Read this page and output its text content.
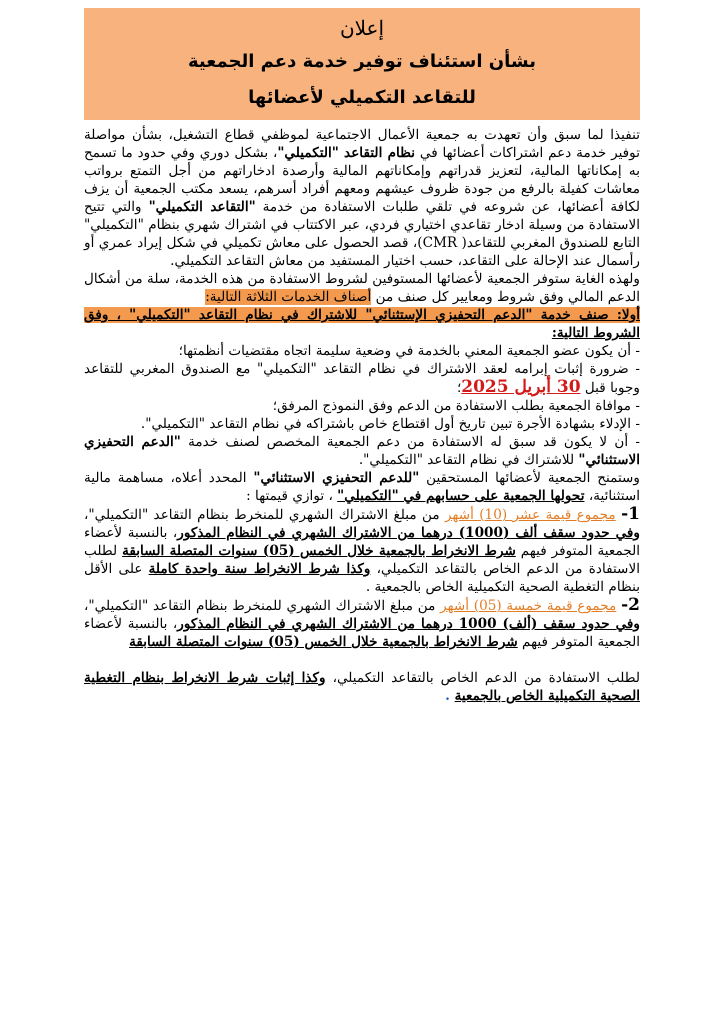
إعلان
بشأن استئناف توفير خدمة دعم الجمعية
للتقاعد التكميلي لأعضائها

تنفيذا لما سبق وأن تعهدت به جمعية الأعمال الاجتماعية لموظفي قطاع التشغيل، بشأن مواصلة توفير خدمة دعم اشتراكات أعضائها في نظام التقاعد "التكميلي"، بشكل دوري وفي حدود ما تسمح به إمكاناتها المالية، لتعزيز قدراتهم وإمكاناتهم المالية وأرصدة ادخاراتهم من أجل التمتع برواتب معاشات كفيلة بالرفع من جودة ظروف عيشهم ومعهم أفراد أسرهم، يسعد مكتب الجمعية أن يزف لكافة أعضائها، عن شروعه في تلقي طلبات الاستفادة من خدمة "التقاعد التكميلي" والتي تتيح الاستفادة من وسيلة ادخار تقاعدي اختياري فردي، عبر الاكتتاب في اشتراك شهري بنظام "التكميلي" التابع للصندوق المغربي للتقاعد( CMR)، قصد الحصول على معاش تكميلي في شكل إيراد عمري أو رأسمال عند الإحالة على التقاعد، حسب اختيار المستفيد من معاش التقاعد التكميلي.

ولهذه الغاية ستوفر الجمعية لأعضائها المستوفين لشروط الاستفادة من هذه الخدمة، سلة من أشكال الدعم المالي وفق شروط ومعايير كل صنف من أصناف الخدمات الثلاثة التالية:

أولا: صنف خدمة "الدعم التحفيزي الإستثنائي" للاشتراك في نظام التقاعد "التكميلي" ، وفق الشروط التالية:

- أن يكون عضو الجمعية المعني بالخدمة في وضعية سليمة اتجاه مقتضيات أنظمتها؛

- ضرورة إثبات إبرامه لعقد الاشتراك في نظام التقاعد "التكميلي" مع الصندوق المغربي للتقاعد وجوبا قبل 30 أبريل 2025؛

- موافاة الجمعية بطلب الاستفادة من الدعم وفق النموذج المرفق؛

- الإدلاء بشهادة الأجرة تبين تاريخ أول اقتطاع خاص باشتراكه في نظام التقاعد "التكميلي".

- أن لا يكون قد سبق له الاستفادة من دعم الجمعية المخصص لصنف خدمة "الدعم التحفيزي الاستثنائي" للاشتراك في نظام التقاعد "التكميلي".

وستمنح الجمعية لأعضائها المستحقين "للدعم التحفيزي الاستثنائي" المحدد أعلاه، مساهمة مالية استثنائية، تحولها الجمعية على حسابهم في "التكميلي" ، توازي قيمتها :

1- مجموع قيمة عشر (10) أشهر من مبلغ الاشتراك الشهري للمنخرط بنظام التقاعد "التكميلي"، وفي حدود سقف ألف (1000) درهما من الاشتراك الشهري في النظام المذكور، بالنسبة لأعضاء الجمعية المتوفر فيهم شرط الانخراط بالجمعية خلال الخمس (05) سنوات المتصلة السابقة لطلب الاستفادة من الدعم الخاص بالتقاعد التكميلي، وكذا شرط الانخراط سنة واحدة كاملة على الأقل بنظام التغطية الصحية التكميلية الخاص بالجمعية .

2- مجموع قيمة خمسة (05) أشهر من مبلغ الاشتراك الشهري للمنخرط بنظام التقاعد "التكميلي"، وفي حدود سقف (ألف) 1000 درهما من الاشتراك الشهري في النظام المذكور، بالنسبة لأعضاء الجمعية المتوفر فيهم شرط الانخراط بالجمعية خلال الخمس (05) سنوات المتصلة السابقة

لطلب الاستفادة من الدعم الخاص بالتقاعد التكميلي، وكذا إثبات شرط الانخراط بنظام التغطية الصحية التكميلية الخاص بالجمعية .
